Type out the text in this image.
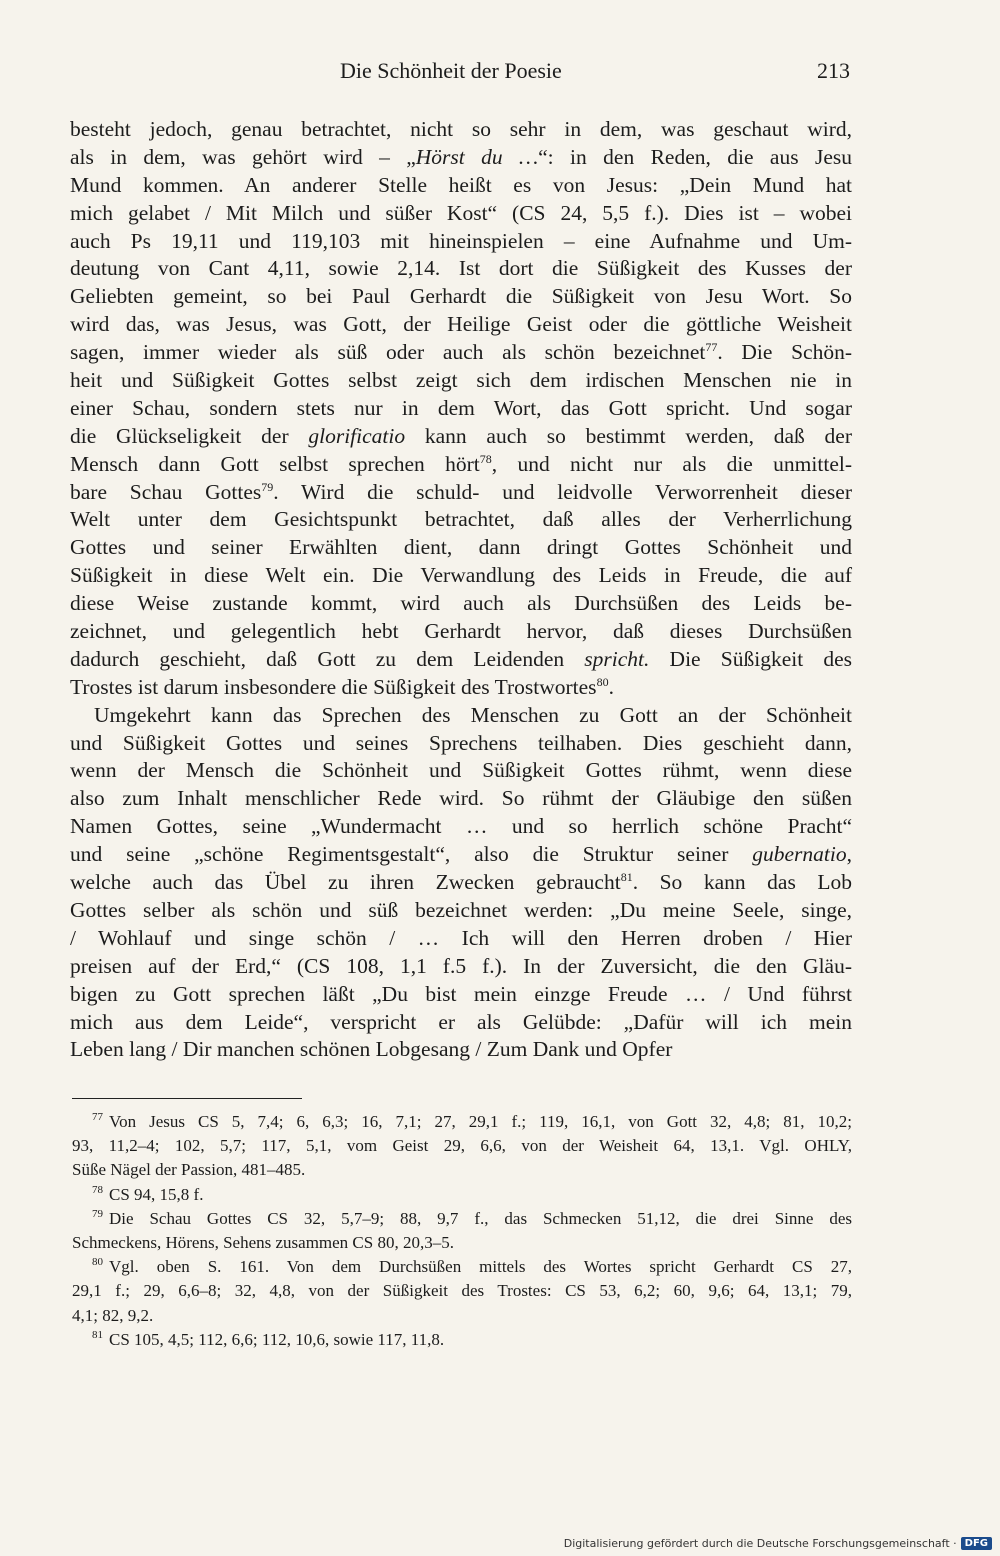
Die Schönheit der Poesie	213
besteht jedoch, genau betrachtet, nicht so sehr in dem, was geschaut wird,
als in dem, was gehört wird – „Hörst du …“: in den Reden, die aus Jesu
Mund kommen. An anderer Stelle heißt es von Jesus: „Dein Mund hat
mich gelabet / Mit Milch und süßer Kost“ (CS 24, 5,5 f.). Dies ist – wobei
auch Ps 19,11 und 119,103 mit hineinspielen – eine Aufnahme und Um-
deutung von Cant 4,11, sowie 2,14. Ist dort die Süßigkeit des Kusses der
Geliebten gemeint, so bei Paul Gerhardt die Süßigkeit von Jesu Wort. So
wird das, was Jesus, was Gott, der Heilige Geist oder die göttliche Weisheit
sagen, immer wieder als süß oder auch als schön bezeichnet$^{77}$. Die Schön-
heit und Süßigkeit Gottes selbst zeigt sich dem irdischen Menschen nie in
einer Schau, sondern stets nur in dem Wort, das Gott spricht. Und sogar
die Glückseligkeit der glorificatio kann auch so bestimmt werden, daß der
Mensch dann Gott selbst sprechen hört$^{78}$, und nicht nur als die unmittel-
bare Schau Gottes$^{79}$. Wird die schuld- und leidvolle Verworrenheit dieser
Welt unter dem Gesichtspunkt betrachtet, daß alles der Verherrlichung
Gottes und seiner Erwählten dient, dann dringt Gottes Schönheit und
Süßigkeit in diese Welt ein. Die Verwandlung des Leids in Freude, die auf
diese Weise zustande kommt, wird auch als Durchsüßen des Leids be-
zeichnet, und gelegentlich hebt Gerhardt hervor, daß dieses Durchsüßen
dadurch geschieht, daß Gott zu dem Leidenden spricht. Die Süßigkeit des
Trostes ist darum insbesondere die Süßigkeit des Trostwortes$^{80}$.
Umgekehrt kann das Sprechen des Menschen zu Gott an der Schönheit
und Süßigkeit Gottes und seines Sprechens teilhaben. Dies geschieht dann,
wenn der Mensch die Schönheit und Süßigkeit Gottes rühmt, wenn diese
also zum Inhalt menschlicher Rede wird. So rühmt der Gläubige den süßen
Namen Gottes, seine „Wundermacht … und so herrlich schöne Pracht“
und seine „schöne Regimentsgestalt“, also die Struktur seiner gubernatio,
welche auch das Übel zu ihren Zwecken gebraucht$^{81}$. So kann das Lob
Gottes selber als schön und süß bezeichnet werden: „Du meine Seele, singe,
/ Wohlauf und singe schön / … Ich will den Herren droben / Hier
preisen auf der Erd,“ (CS 108, 1,1 f.5 f.). In der Zuversicht, die den Gläu-
bigen zu Gott sprechen läßt „Du bist mein einzge Freude … / Und führst
mich aus dem Leide“, verspricht er als Gelübde: „Dafür will ich mein
Leben lang / Dir manchen schönen Lobgesang / Zum Dank und Opfer
$^{77}$ Von Jesus CS 5, 7,4; 6, 6,3; 16, 7,1; 27, 29,1 f.; 119, 16,1, von Gott 32, 4,8; 81, 10,2;
93, 11,2–4; 102, 5,7; 117, 5,1, vom Geist 29, 6,6, von der Weisheit 64, 13,1. Vgl. OHLY,
Süße Nägel der Passion, 481–485.
$^{78}$ CS 94, 15,8 f.
$^{79}$ Die Schau Gottes CS 32, 5,7–9; 88, 9,7 f., das Schmecken 51,12, die drei Sinne des
Schmeckens, Hörens, Sehens zusammen CS 80, 20,3–5.
$^{80}$ Vgl. oben S. 161. Von dem Durchsüßen mittels des Wortes spricht Gerhardt CS 27,
29,1 f.; 29, 6,6–8; 32, 4,8, von der Süßigkeit des Trostes: CS 53, 6,2; 60, 9,6; 64, 13,1; 79,
4,1; 82, 9,2.
$^{81}$ CS 105, 4,5; 112, 6,6; 112, 10,6, sowie 117, 11,8.
Digitalisierung gefördert durch die Deutsche Forschungsgemeinschaft · DFG
